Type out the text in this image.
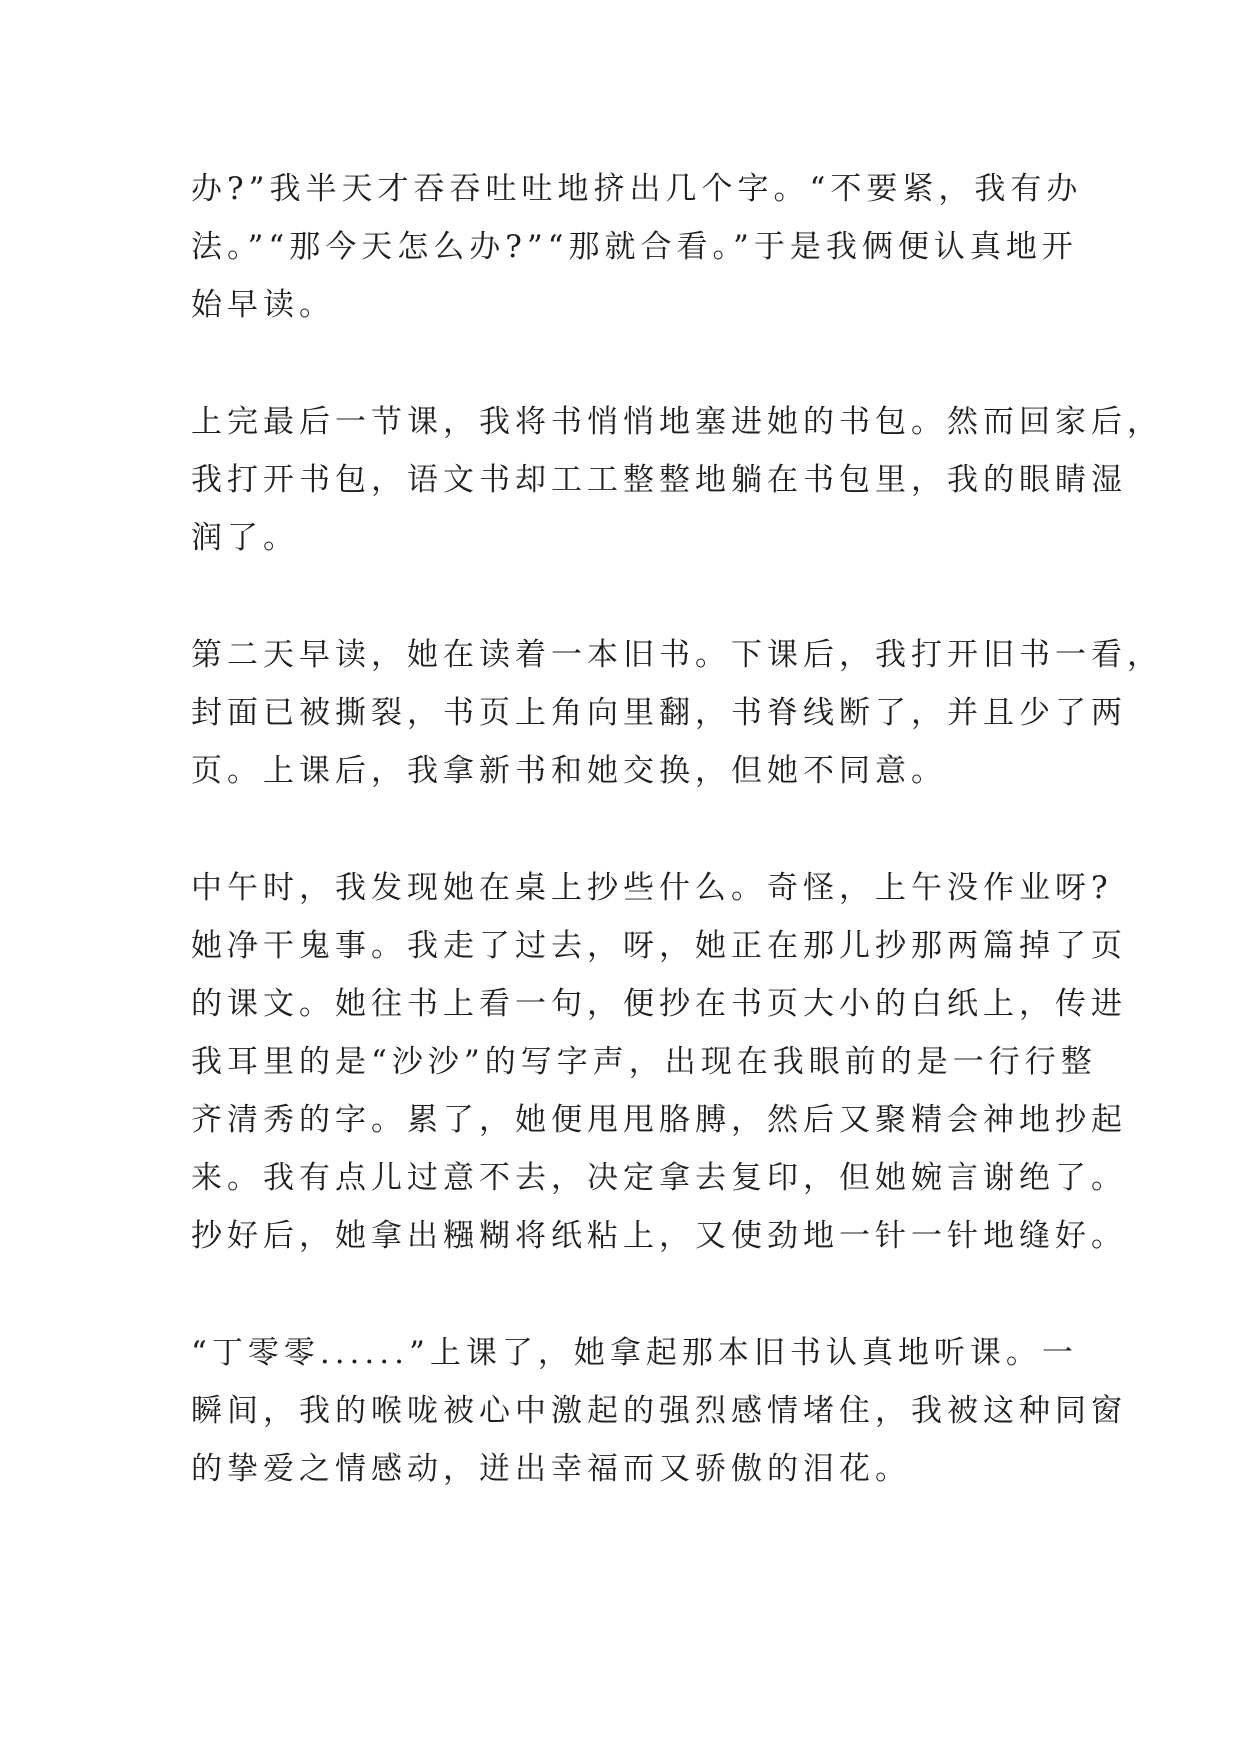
办?”我半天才吞吞吐吐地挤出几个字。“不要紧，我有办
法。”“那今天怎么办?”“那就合看。”于是我俩便认真地开
始早读。
上完最后一节课，我将书悄悄地塞进她的书包。然而回家后，
我打开书包，语文书却工工整整地躺在书包里，我的眼睛湿
润了。
第二天早读，她在读着一本旧书。下课后，我打开旧书一看，
封面已被撕裂，书页上角向里翻，书脊线断了，并且少了两
页。上课后，我拿新书和她交换，但她不同意。
中午时，我发现她在桌上抄些什么。奇怪，上午没作业呀?
她净干鬼事。我走了过去，呀，她正在那儿抄那两篇掉了页
的课文。她往书上看一句，便抄在书页大小的白纸上，传进
我耳里的是“沙沙”的写字声，出现在我眼前的是一行行整
齐清秀的字。累了，她便甩甩胳膊，然后又聚精会神地抄起
来。我有点儿过意不去，决定拿去复印，但她婉言谢绝了。
抄好后，她拿出糨糊将纸粘上，又使劲地一针一针地缝好。
“丁零零......”上课了，她拿起那本旧书认真地听课。一
瞬间，我的喉咙被心中激起的强烈感情堵住，我被这种同窗
的挚爱之情感动，迸出幸福而又骄傲的泪花。
